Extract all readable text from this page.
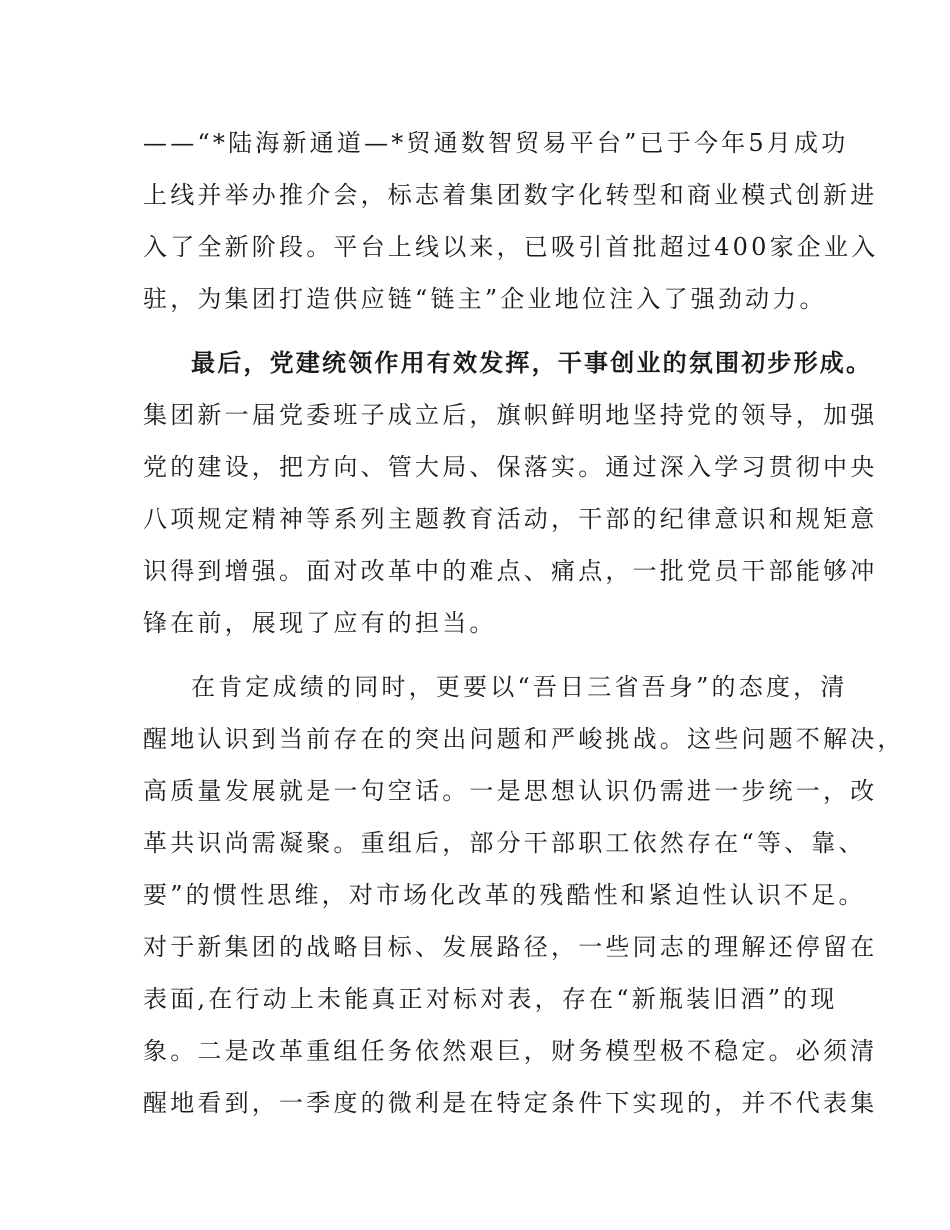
——“*陆海新通道—*贸通数智贸易平台”已于今年5月成功
上线并举办推介会，标志着集团数字化转型和商业模式创新进
入了全新阶段。平台上线以来，已吸引首批超过400家企业入
驻，为集团打造供应链“链主”企业地位注入了强劲动力。
最后，党建统领作用有效发挥，干事创业的氛围初步形成。
集团新一届党委班子成立后，旗帜鲜明地坚持党的领导，加强
党的建设，把方向、管大局、保落实。通过深入学习贯彻中央
八项规定精神等系列主题教育活动，干部的纪律意识和规矩意
识得到增强。面对改革中的难点、痛点，一批党员干部能够冲
锋在前，展现了应有的担当。
在肯定成绩的同时，更要以“吾日三省吾身”的态度，清
醒地认识到当前存在的突出问题和严峻挑战。这些问题不解决，
高质量发展就是一句空话。一是思想认识仍需进一步统一，改
革共识尚需凝聚。重组后，部分干部职工依然存在“等、靠、
要”的惯性思维，对市场化改革的残酷性和紧迫性认识不足。
对于新集团的战略目标、发展路径，一些同志的理解还停留在
表面,在行动上未能真正对标对表，存在“新瓶装旧酒”的现
象。二是改革重组任务依然艰巨，财务模型极不稳定。必须清
醒地看到，一季度的微利是在特定条件下实现的，并不代表集
